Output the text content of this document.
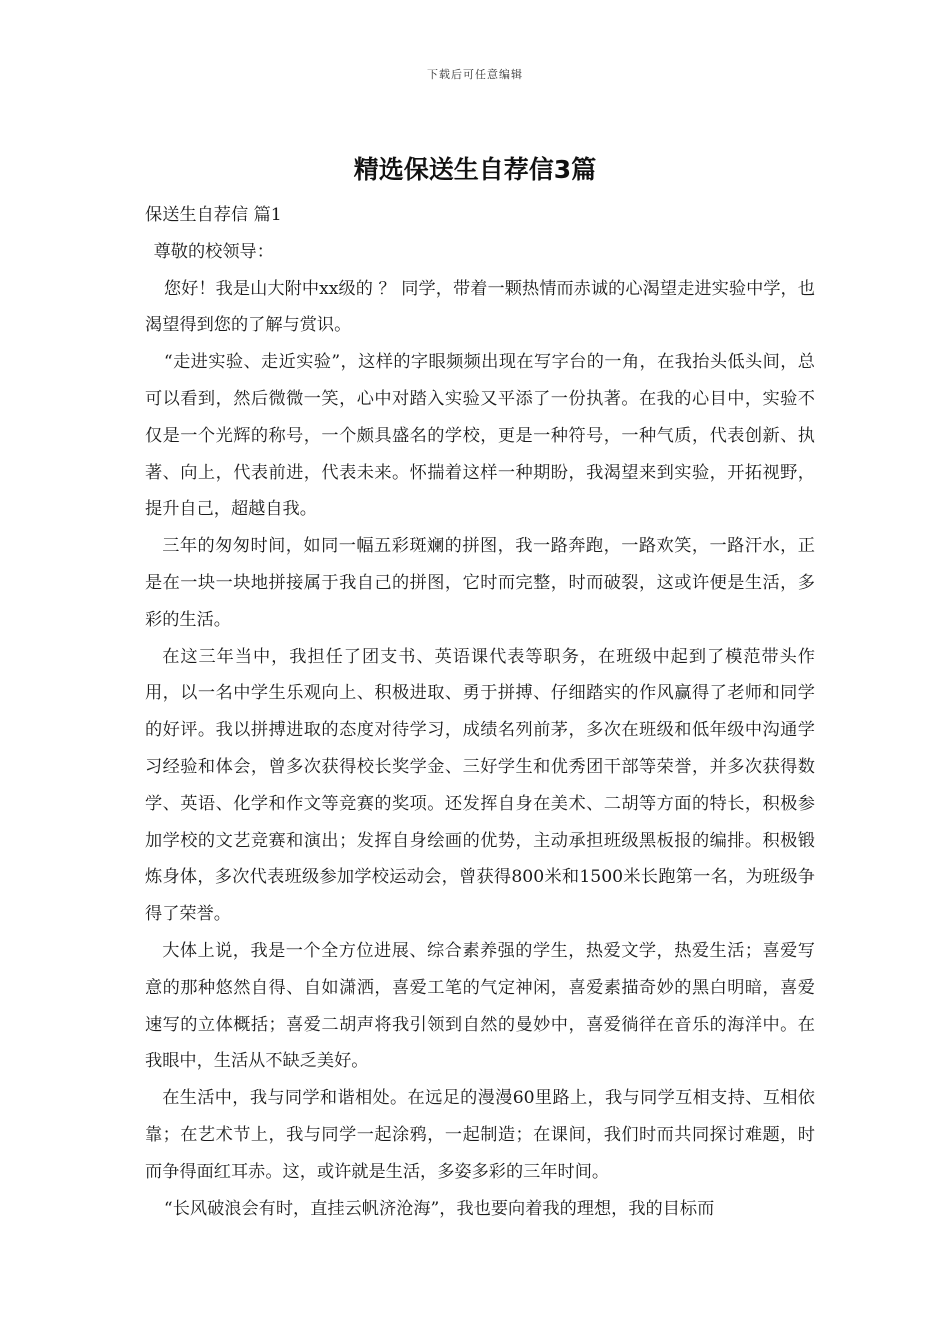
下载后可任意编辑
精选保送生自荐信3篇

保送生自荐信 篇1

尊敬的校领导：

您好！我是山大附中xx级的 ？ 同学，带着一颗热情而赤诚的心渴望走进实验中学，也渴望得到您的了解与赏识。

“走进实验、走近实验”，这样的字眼频频出现在写字台的一角，在我抬头低头间，总可以看到，然后微微一笑，心中对踏入实验又平添了一份执著。在我的心目中，实验不仅是一个光辉的称号，一个颇具盛名的学校，更是一种符号，一种气质，代表创新、执著、向上，代表前进，代表未来。怀揣着这样一种期盼，我渴望来到实验，开拓视野，提升自己，超越自我。

三年的匆匆时间，如同一幅五彩斑斓的拼图，我一路奔跑，一路欢笑，一路汗水，正是在一块一块地拼接属于我自己的拼图，它时而完整，时而破裂，这或许便是生活，多彩的生活。

在这三年当中，我担任了团支书、英语课代表等职务，在班级中起到了模范带头作用，以一名中学生乐观向上、积极进取、勇于拼搏、仔细踏实的作风赢得了老师和同学的好评。我以拼搏进取的态度对待学习，成绩名列前茅，多次在班级和低年级中沟通学习经验和体会，曾多次获得校长奖学金、三好学生和优秀团干部等荣誉，并多次获得数学、英语、化学和作文等竞赛的奖项。还发挥自身在美术、二胡等方面的特长，积极参加学校的文艺竞赛和演出；发挥自身绘画的优势，主动承担班级黑板报的编排。积极锻炼身体，多次代表班级参加学校运动会，曾获得800米和1500米长跑第一名，为班级争得了荣誉。

大体上说，我是一个全方位进展、综合素养强的学生，热爱文学，热爱生活；喜爱写意的那种悠然自得、自如潇洒，喜爱工笔的气定神闲，喜爱素描奇妙的黑白明暗，喜爱速写的立体概括；喜爱二胡声将我引领到自然的曼妙中，喜爱徜徉在音乐的海洋中。在我眼中，生活从不缺乏美好。

在生活中，我与同学和谐相处。在远足的漫漫60里路上，我与同学互相支持、互相依靠；在艺术节上，我与同学一起涂鸦，一起制造；在课间，我们时而共同探讨难题，时而争得面红耳赤。这，或许就是生活，多姿多彩的三年时间。

“长风破浪会有时，直挂云帆济沧海”，我也要向着我的理想，我的目标而
